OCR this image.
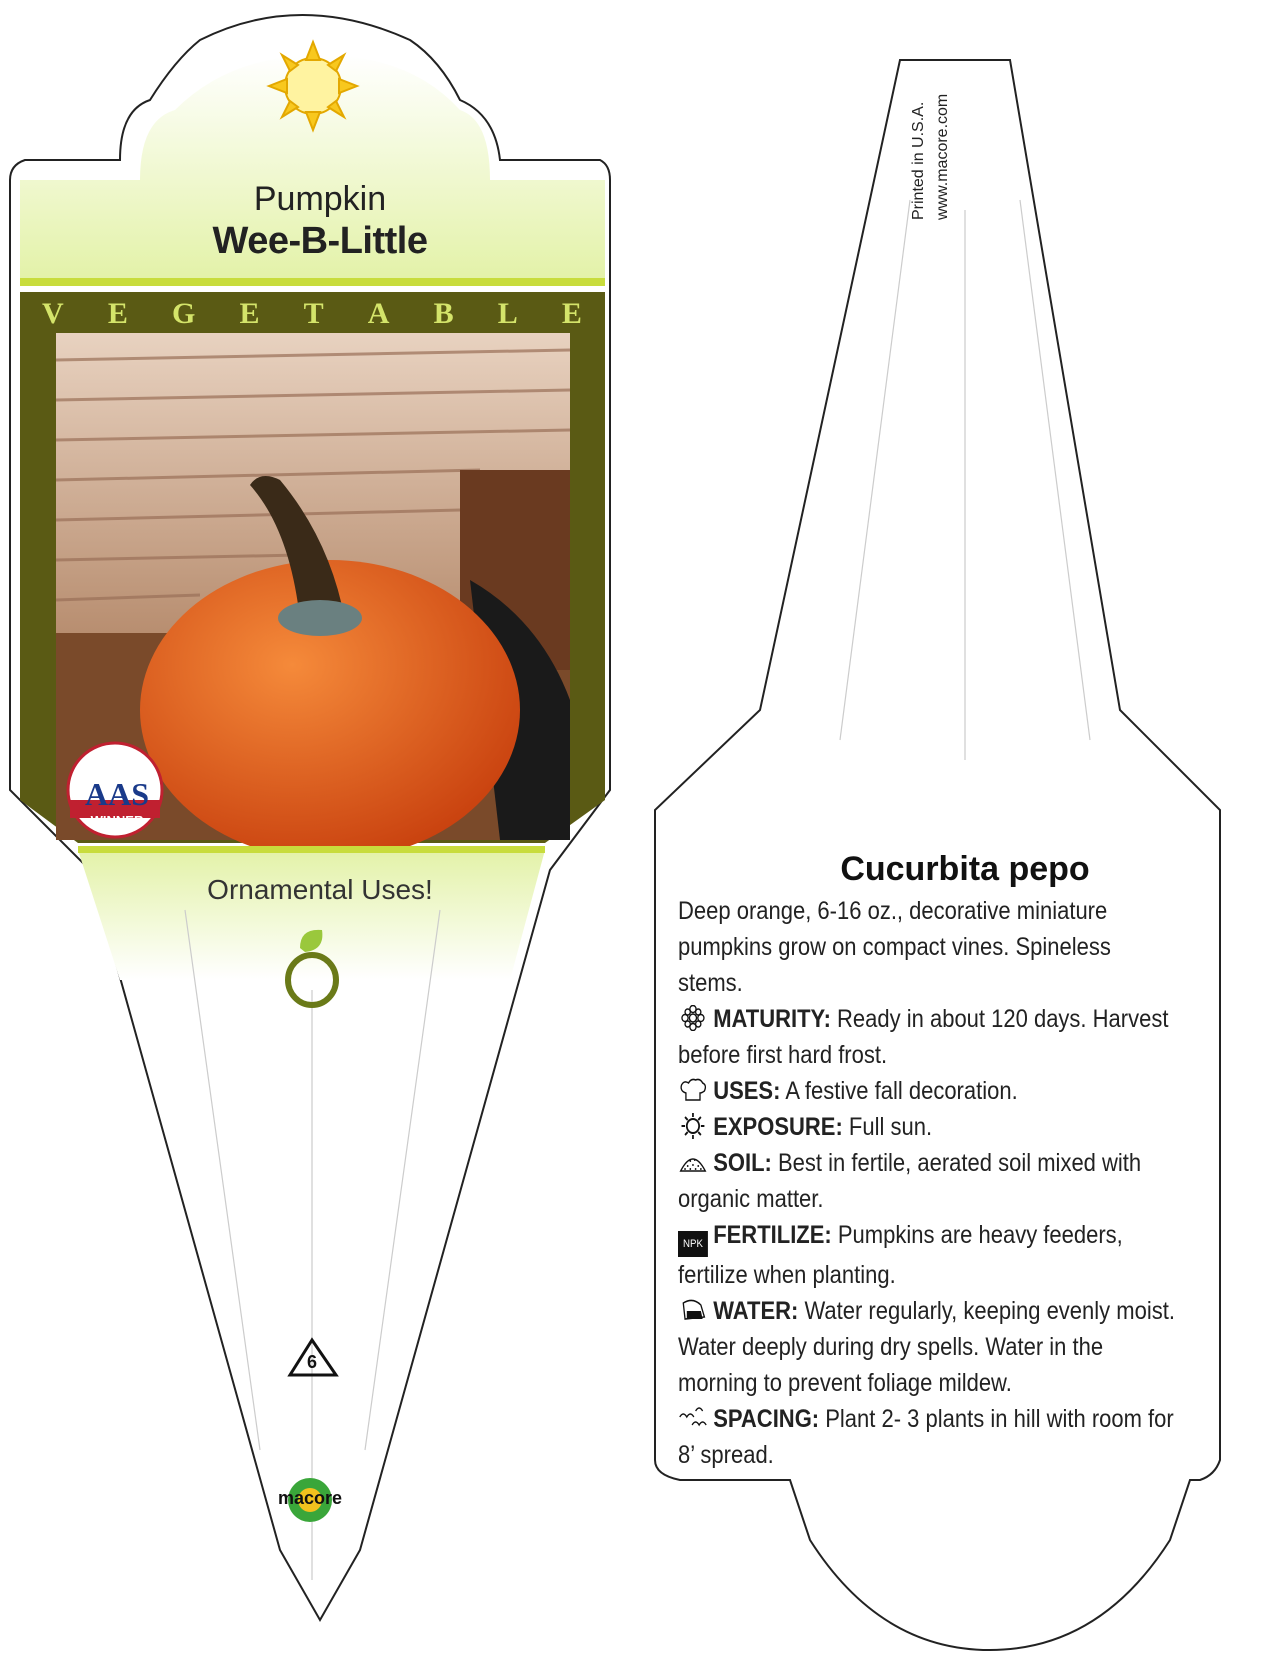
Pumpkin
Wee-B-Little
V E G E T A B L E
AAS
WINNER
Ornamental Uses!
6
macore
Printed in U.S.A. www.macore.com
Cucurbita pepo
Deep orange, 6-16 oz., decorative miniature pumpkins grow on compact vines. Spineless stems.
MATURITY: Ready in about 120 days. Harvest before first hard frost.
USES: A festive fall decoration.
EXPOSURE: Full sun.
SOIL: Best in fertile, aerated soil mixed with organic matter.
NPK FERTILIZE: Pumpkins are heavy feeders, fertilize when planting.
WATER: Water regularly, keeping evenly moist. Water deeply during dry spells. Water in the morning to prevent foliage mildew.
SPACING: Plant 2- 3 plants in hill with room for 8’ spread.
